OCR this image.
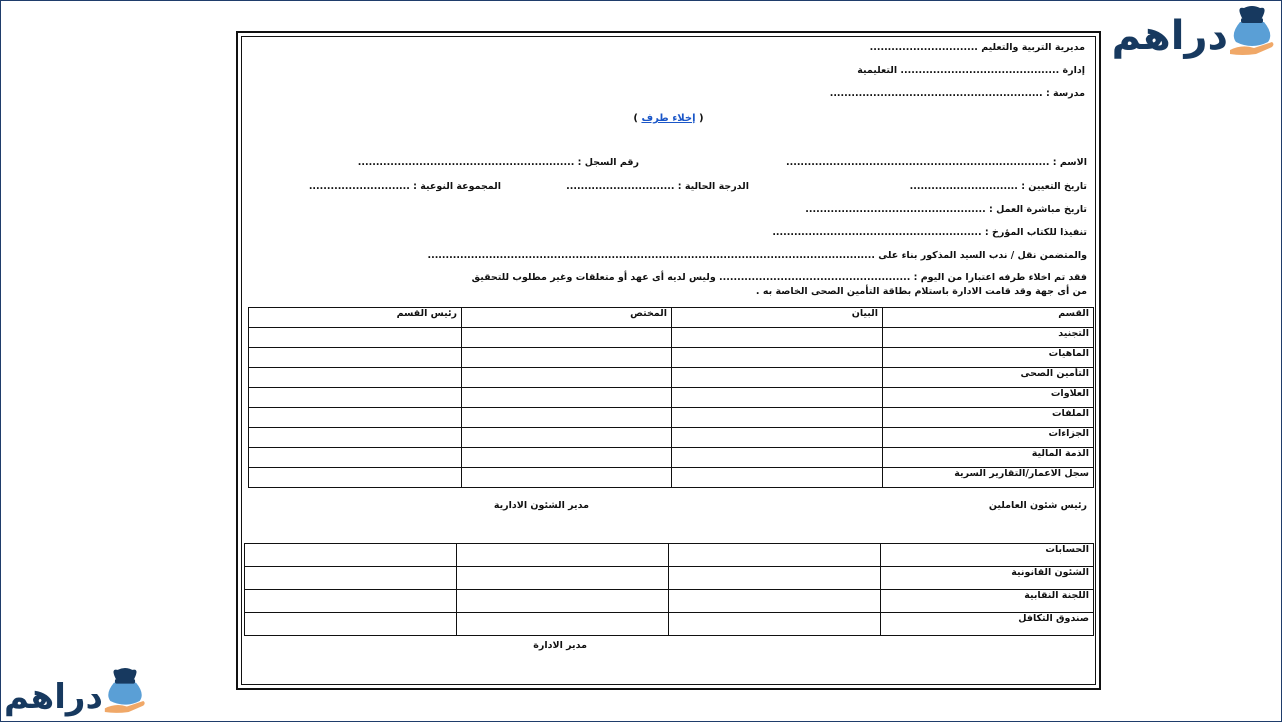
دراهم
دراهم
مديرية التربية والتعليم ..............................
إدارة ............................................ التعليمية
مدرسة : ...........................................................
( إخلاء طرف )
الاسم : .........................................................................
رقم السجل : ............................................................
تاريخ التعيين : ..............................
الدرجة الحالية : ..............................
المجموعة النوعية : ............................
تاريخ مباشرة العمل : ..................................................
تنفيذا للكتاب المؤرخ : ..........................................................
والمتضمن نقل / ندب السيد المذكور بناء على ............................................................................................................................
فقد تم اخلاء طرفه اعتبارا من اليوم : ..................................................... وليس لديه أى عهد أو متعلقات وغير مطلوب للتحقيق
من أى جهة وقد قامت الادارة باستلام بطاقة التأمين الصحى الخاصة به .
القسم	البيان	المختص	رئيس القسم
التجنيد			
الماهيات			
التأمين الصحى			
العلاوات			
الملفات			
الجزاءات			
الذمة المالية			
سجل الاعمار/التقارير السرية			
رئيس شئون العاملين
مدير الشئون الادارية
الحسابات			
الشئون القانونية			
اللجنة النقابية			
صندوق التكافل			
مدير الادارة
